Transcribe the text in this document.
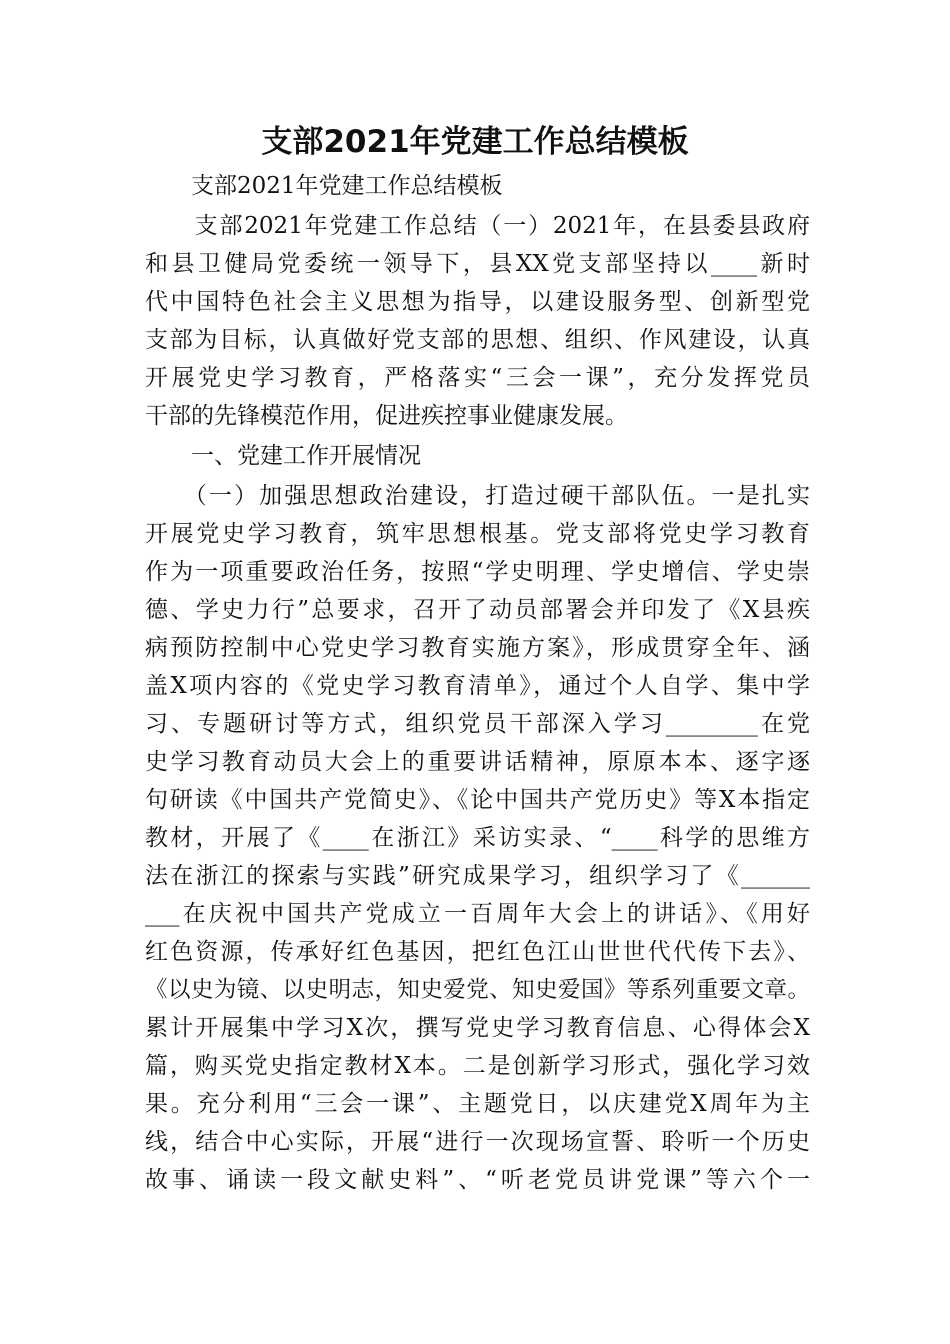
支部2021年党建工作总结模板

　　支部2021年党建工作总结模板

　　支部2021年党建工作总结（一）2021年，在县委县政府

和县卫健局党委统一领导下，县XX党支部坚持以____新时

代中国特色社会主义思想为指导，以建设服务型、创新型党

支部为目标，认真做好党支部的思想、组织、作风建设，认真

开展党史学习教育，严格落实“三会一课”，充分发挥党员

干部的先锋模范作用，促进疾控事业健康发展。

　　一、党建工作开展情况

　　（一）加强思想政治建设，打造过硬干部队伍。一是扎实

开展党史学习教育，筑牢思想根基。党支部将党史学习教育

作为一项重要政治任务，按照“学史明理、学史增信、学史崇

德、学史力行”总要求，召开了动员部署会并印发了《X县疾

病预防控制中心党史学习教育实施方案》，形成贯穿全年、涵

盖X项内容的《党史学习教育清单》，通过个人自学、集中学

习、专题研讨等方式，组织党员干部深入学习________在党

史学习教育动员大会上的重要讲话精神，原原本本、逐字逐

句研读《中国共产党简史》、《论中国共产党历史》等X本指定

教材，开展了《____在浙江》采访实录、“____科学的思维方

法在浙江的探索与实践”研究成果学习，组织学习了《______

___在庆祝中国共产党成立一百周年大会上的讲话》、《用好

红色资源，传承好红色基因，把红色江山世世代代传下去》、

《以史为镜、以史明志，知史爱党、知史爱国》等系列重要文章。

累计开展集中学习X次，撰写党史学习教育信息、心得体会X

篇，购买党史指定教材X本。二是创新学习形式，强化学习效

果。充分利用“三会一课”、主题党日，以庆建党X周年为主

线，结合中心实际，开展“进行一次现场宣誓、聆听一个历史

故事、诵读一段文献史料”、“听老党员讲党课”等六个一
